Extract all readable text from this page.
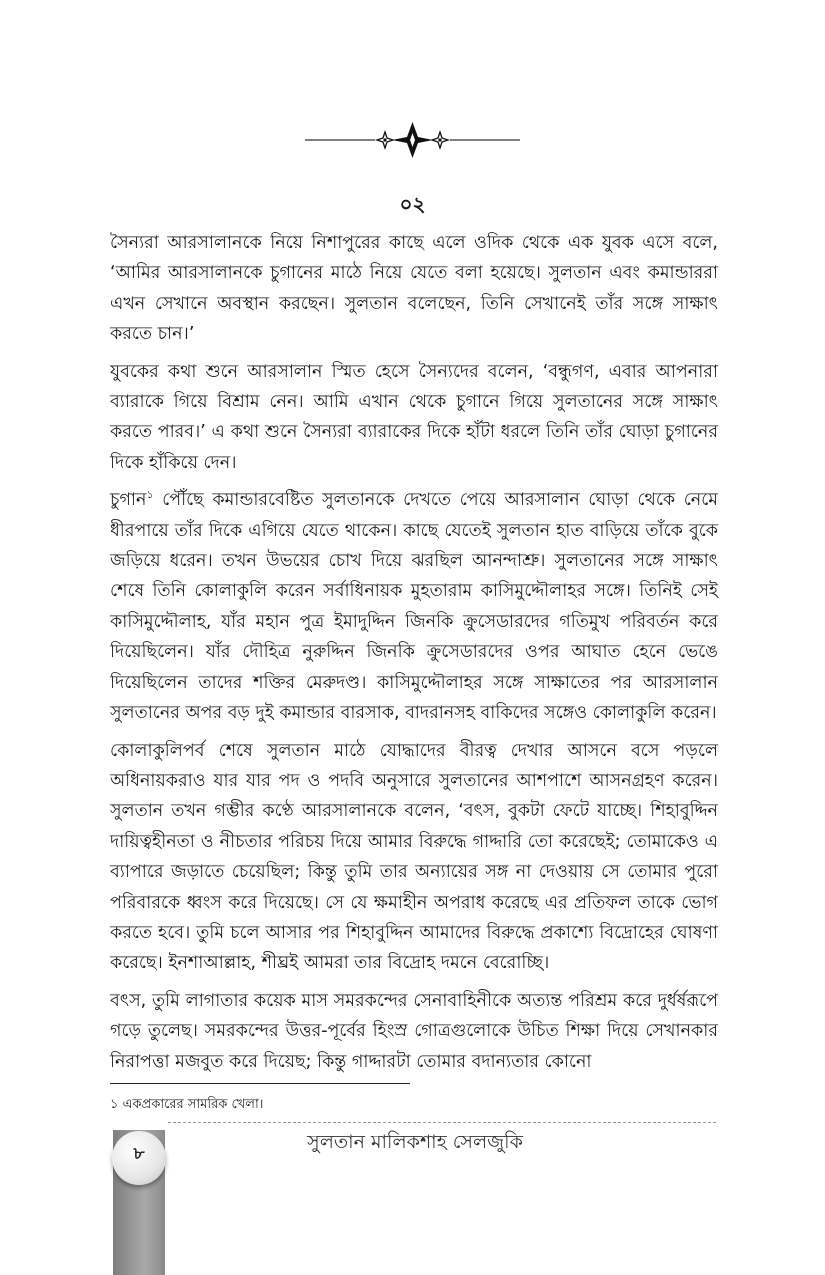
০২

সৈন্যরা আরসালানকে নিয়ে নিশাপুরের কাছে এলে ওদিক থেকে এক যুবক এসে বলে, ‘আমির আরসালানকে চুগানের মাঠে নিয়ে যেতে বলা হয়েছে। সুলতান এবং কমান্ডাররা এখন সেখানে অবস্থান করছেন। সুলতান বলেছেন, তিনি সেখানেই তাঁর সঙ্গে সাক্ষাৎ করতে চান।’

যুবকের কথা শুনে আরসালান স্মিত হেসে সৈন্যদের বলেন, ‘বন্ধুগণ, এবার আপনারা ব্যারাকে গিয়ে বিশ্রাম নেন। আমি এখান থেকে চুগানে গিয়ে সুলতানের সঙ্গে সাক্ষাৎ করতে পারব।’ এ কথা শুনে সৈন্যরা ব্যারাকের দিকে হাঁটা ধরলে তিনি তাঁর ঘোড়া চুগানের দিকে হাঁকিয়ে দেন।

চুগান$^১$ পৌঁছে কমান্ডারবেষ্টিত সুলতানকে দেখতে পেয়ে আরসালান ঘোড়া থেকে নেমে ধীরপায়ে তাঁর দিকে এগিয়ে যেতে থাকেন। কাছে যেতেই সুলতান হাত বাড়িয়ে তাঁকে বুকে জড়িয়ে ধরেন। তখন উভয়ের চোখ দিয়ে ঝরছিল আনন্দাশ্রু। সুলতানের সঙ্গে সাক্ষাৎ শেষে তিনি কোলাকুলি করেন সর্বাধিনায়ক মুহতারাম কাসিমুদ্দৌলাহর সঙ্গে। তিনিই সেই কাসিমুদ্দৌলাহ, যাঁর মহান পুত্র ইমাদুদ্দিন জিনকি ক্রুসেডারদের গতিমুখ পরিবর্তন করে দিয়েছিলেন। যাঁর দৌহিত্র নুরুদ্দিন জিনকি ক্রুসেডারদের ওপর আঘাত হেনে ভেঙে দিয়েছিলেন তাদের শক্তির মেরুদণ্ড। কাসিমুদ্দৌলাহর সঙ্গে সাক্ষাতের পর আরসালান সুলতানের অপর বড় দুই কমান্ডার বারসাক, বাদরানসহ বাকিদের সঙ্গেও কোলাকুলি করেন।

কোলাকুলিপর্ব শেষে সুলতান মাঠে যোদ্ধাদের বীরত্ব দেখার আসনে বসে পড়লে অধিনায়করাও যার যার পদ ও পদবি অনুসারে সুলতানের আশপাশে আসনগ্রহণ করেন। সুলতান তখন গম্ভীর কণ্ঠে আরসালানকে বলেন, ‘বৎস, বুকটা ফেটে যাচ্ছে। শিহাবুদ্দিন দায়িত্বহীনতা ও নীচতার পরিচয় দিয়ে আমার বিরুদ্ধে গাদ্দারি তো করেছেই; তোমাকেও এ ব্যাপারে জড়াতে চেয়েছিল; কিন্তু তুমি তার অন্যায়ের সঙ্গ না দেওয়ায় সে তোমার পুরো পরিবারকে ধ্বংস করে দিয়েছে। সে যে ক্ষমাহীন অপরাধ করেছে এর প্রতিফল তাকে ভোগ করতে হবে। তুমি চলে আসার পর শিহাবুদ্দিন আমাদের বিরুদ্ধে প্রকাশ্যে বিদ্রোহের ঘোষণা করেছে। ইনশাআল্লাহ, শীঘ্রই আমরা তার বিদ্রোহ দমনে বেরোচ্ছি।

বৎস, তুমি লাগাতার কয়েক মাস সমরকন্দের সেনাবাহিনীকে অত্যন্ত পরিশ্রম করে দুর্ধর্ষরূপে গড়ে তুলেছ। সমরকন্দের উত্তর-পূর্বের হিংস্র গোত্রগুলোকে উচিত শিক্ষা দিয়ে সেখানকার নিরাপত্তা মজবুত করে দিয়েছ; কিন্তু গাদ্দারটা তোমার বদান্যতার কোনো

১ একপ্রকারের সামরিক খেলা।
৮
সুলতান মালিকশাহ সেলজুকি
